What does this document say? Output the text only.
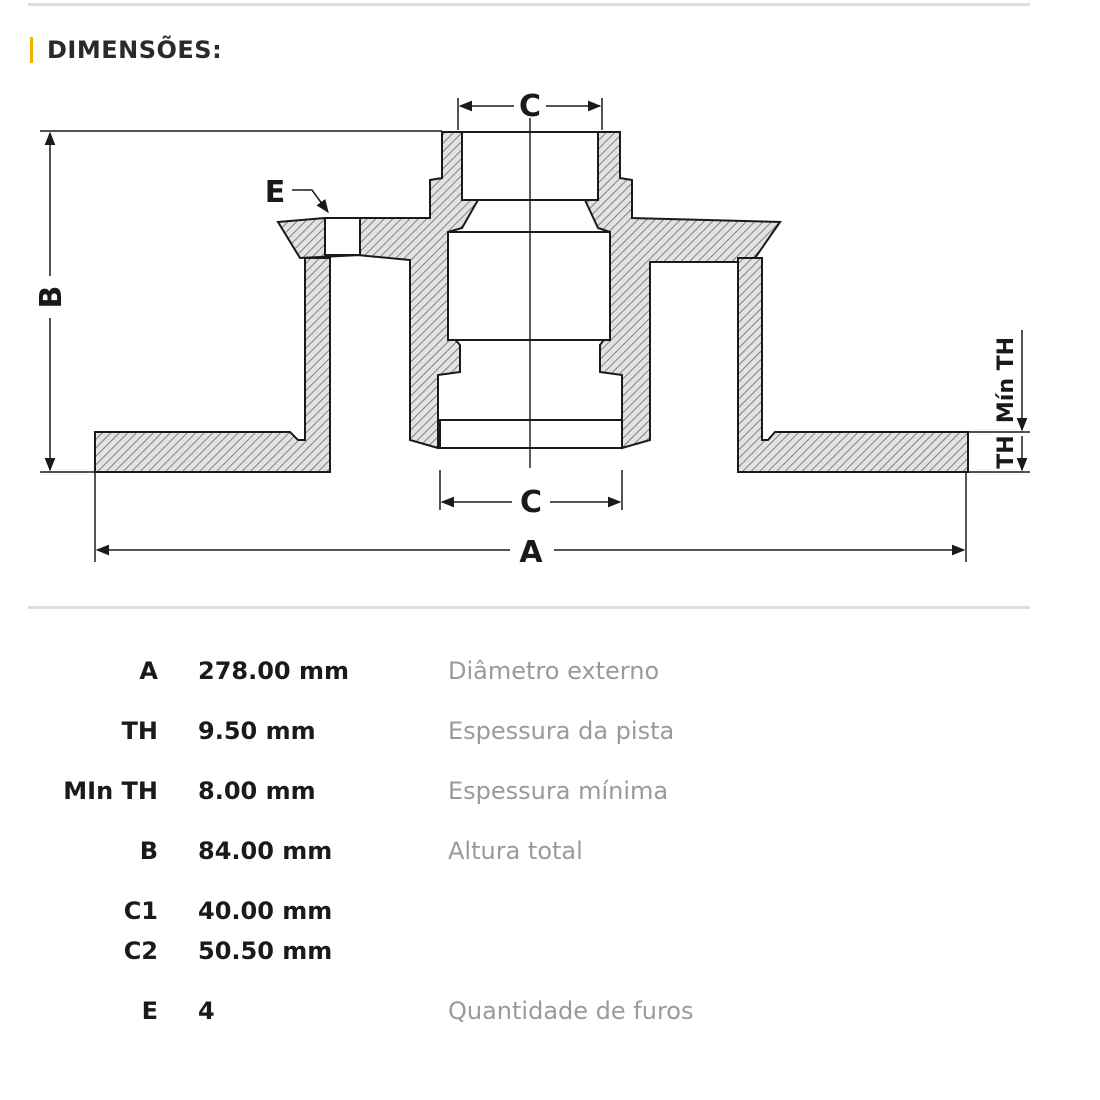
DIMENSÕES:
C
C
A
B
E
Mín TH
TH
A 278.00 mm	Diâmetro externo
TH 9.50 mm	Espessura da pista
MIn TH 8.00 mm	Espessura mínima
B 84.00 mm	Altura total
C1 40.00 mm
C2 50.50 mm
E 4	Quantidade de furos
